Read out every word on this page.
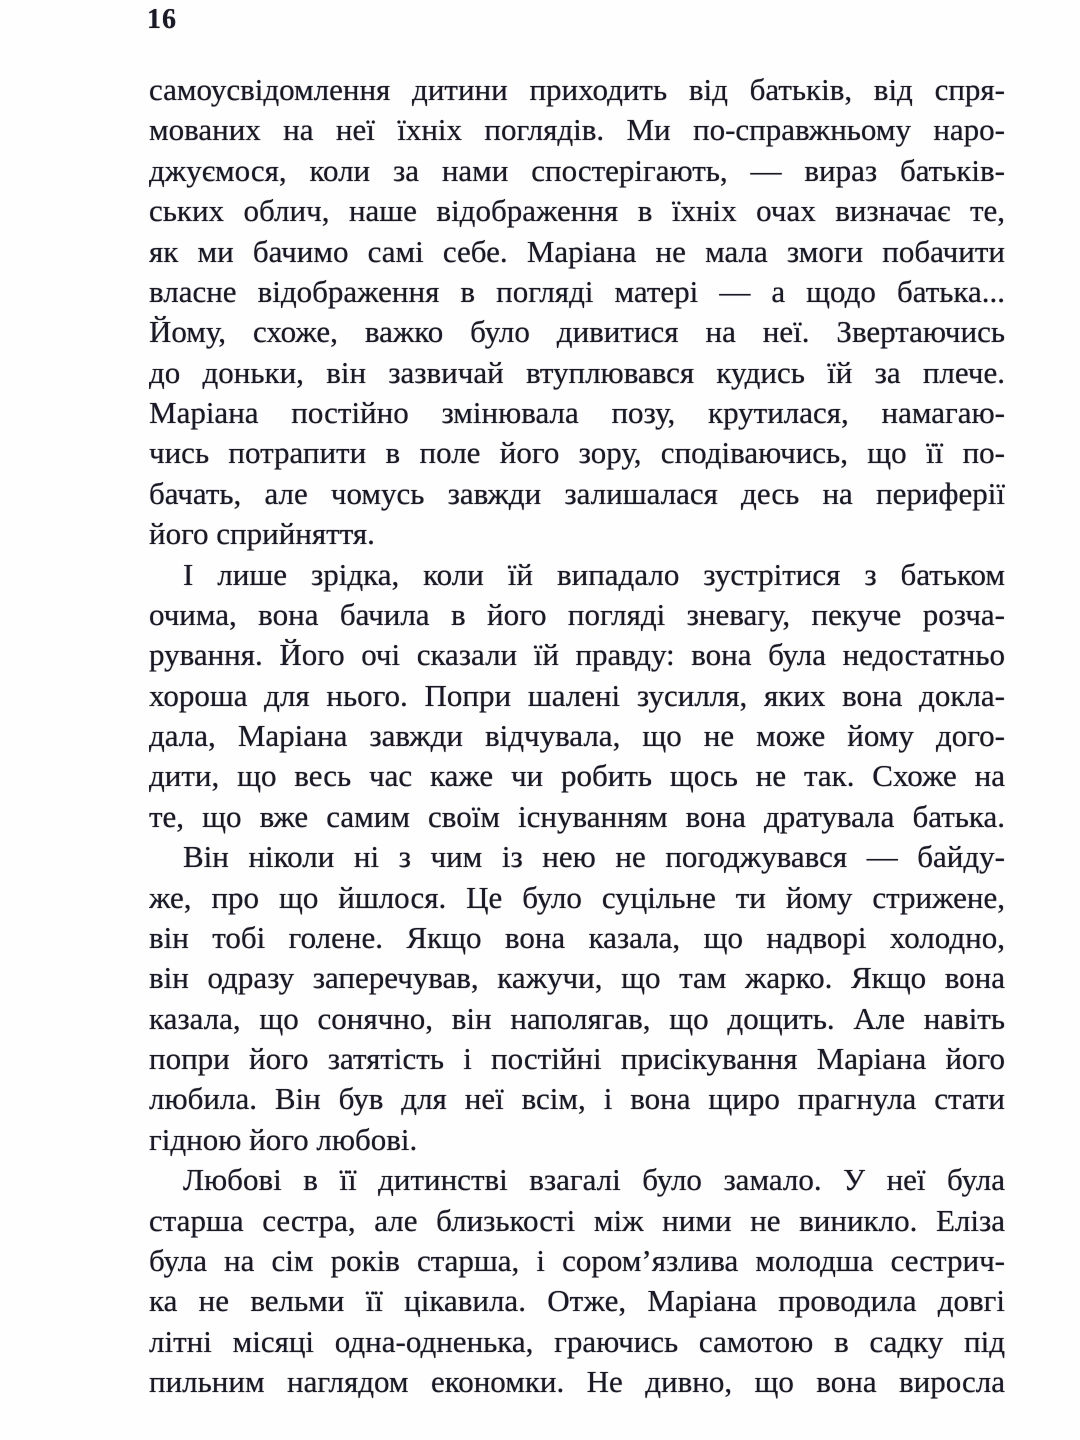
16
самоусвідомлення дитини приходить від батьків, від спря-
мованих на неї їхніх поглядів. Ми по-справжньому наро-
джуємося, коли за нами спостерігають, — вираз батьків-
ських облич, наше відображення в їхніх очах визначає те,
як ми бачимо самі себе. Маріана не мала змоги побачити
власне відображення в погляді матері — а щодо батька...
Йому, схоже, важко було дивитися на неї. Звертаючись
до доньки, він зазвичай втуплювався кудись їй за плече.
Маріана постійно змінювала позу, крутилася, намагаю-
чись потрапити в поле його зору, сподіваючись, що її по-
бачать, але чомусь завжди залишалася десь на периферії
його сприйняття.
І лише зрідка, коли їй випадало зустрітися з батьком
очима, вона бачила в його погляді зневагу, пекуче розча-
рування. Його очі сказали їй правду: вона була недостатньо
хороша для нього. Попри шалені зусилля, яких вона докла-
дала, Маріана завжди відчувала, що не може йому дого-
дити, що весь час каже чи робить щось не так. Схоже на
те, що вже самим своїм існуванням вона дратувала батька.
Він ніколи ні з чим із нею не погоджувався — байду-
же, про що йшлося. Це було суцільне ти йому стрижене,
він тобі голене. Якщо вона казала, що надворі холодно,
він одразу заперечував, кажучи, що там жарко. Якщо вона
казала, що сонячно, він наполягав, що дощить. Але навіть
попри його затятість і постійні присікування Маріана його
любила. Він був для неї всім, і вона щиро прагнула стати
гідною його любові.
Любові в її дитинстві взагалі було замало. У неї була
старша сестра, але близькості між ними не виникло. Еліза
була на сім років старша, і сором’язлива молодша сестрич-
ка не вельми її цікавила. Отже, Маріана проводила довгі
літні місяці одна-одненька, граючись самотою в садку під
пильним наглядом економки. Не дивно, що вона виросла
